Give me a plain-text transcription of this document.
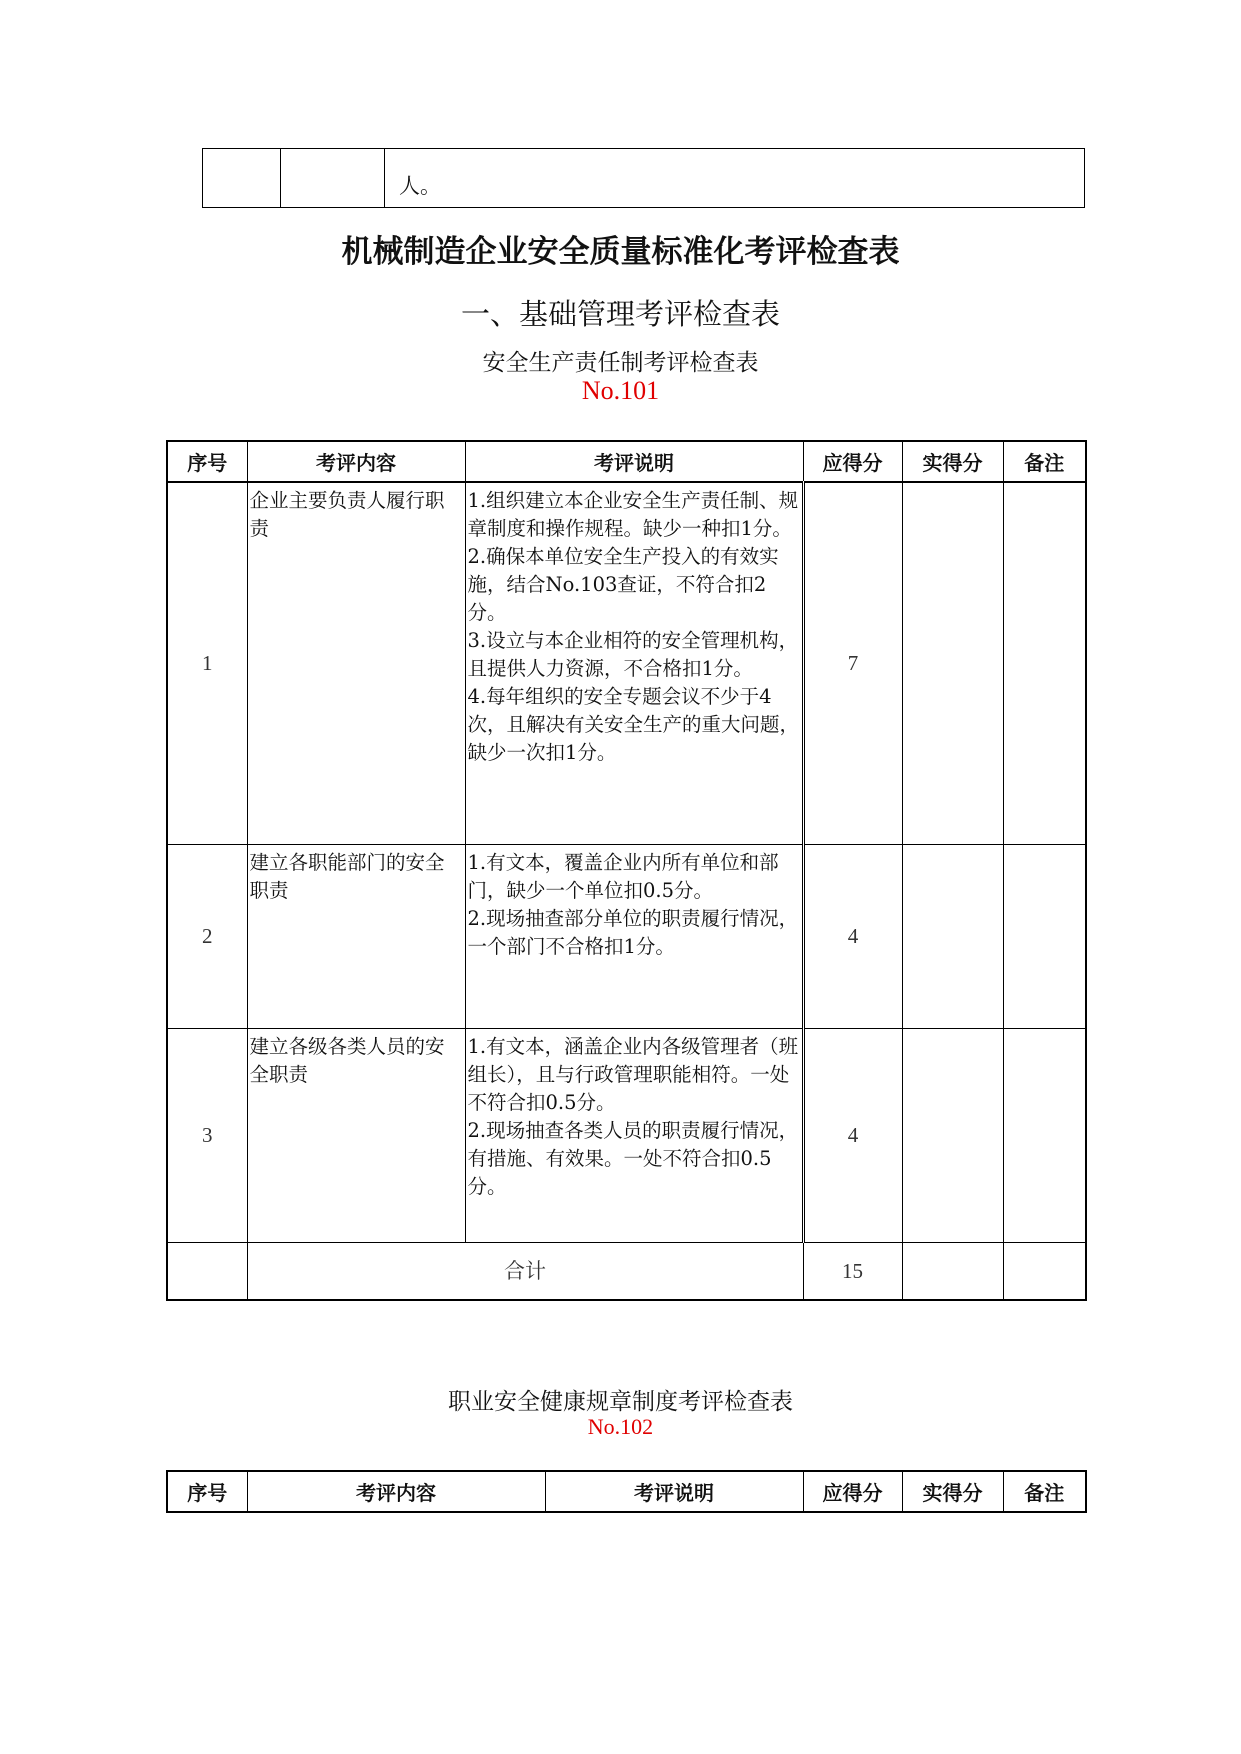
人。
机械制造企业安全质量标准化考评检查表
一、基础管理考评检查表
安全生产责任制考评检查表
No.101
序号	考评内容	考评说明	应得分	实得分	备注
1	企业主要负责人履行职责	1.组织建立本企业安全生产责任制、规章制度和操作规程。缺少一种扣1分。
2.确保本单位安全生产投入的有效实施，结合No.103查证，不符合扣2分。
3.设立与本企业相符的安全管理机构，且提供人力资源，不合格扣1分。
4.每年组织的安全专题会议不少于4次，且解决有关安全生产的重大问题，缺少一次扣1分。	7		
2	建立各职能部门的安全职责	1.有文本，覆盖企业内所有单位和部门，缺少一个单位扣0.5分。
2.现场抽查部分单位的职责履行情况，一个部门不合格扣1分。	4		
3	建立各级各类人员的安全职责	1.有文本，涵盖企业内各级管理者（班组长），且与行政管理职能相符。一处不符合扣0.5分。
2.现场抽查各类人员的职责履行情况，有措施、有效果。一处不符合扣0.5分。	4		
	合计		15		
职业安全健康规章制度考评检查表
No.102
序号	考评内容	考评说明	应得分	实得分	备注
